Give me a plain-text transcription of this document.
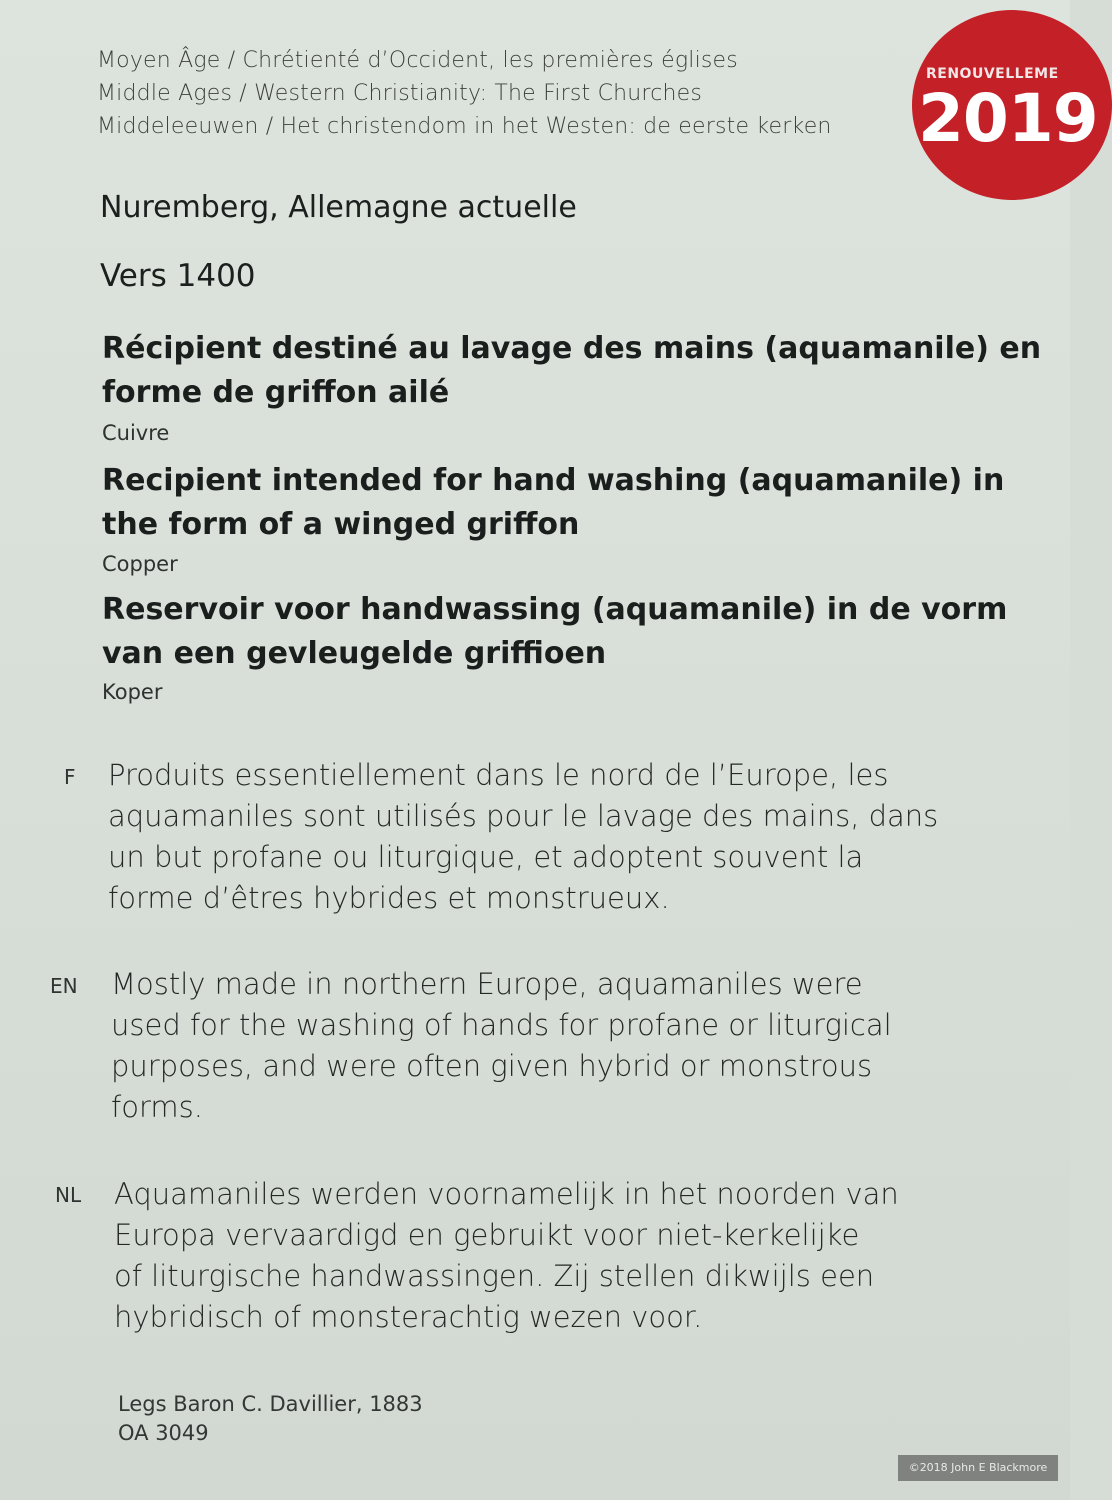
Moyen Âge / Chrétienté d’Occident, les premières églises
Middle Ages / Western Christianity: The First Churches
Middeleeuwen / Het christendom in het Westen: de eerste kerken
RENOUVELLEME
2019
Nuremberg, Allemagne actuelle
Vers 1400
Récipient destiné au lavage des mains (aquamanile) en
forme de griffon ailé
Cuivre
Recipient intended for hand washing (aquamanile) in
the form of a winged griffon
Copper
Reservoir voor handwassing (aquamanile) in de vorm
van een gevleugelde griffioen
Koper
F Produits essentiellement dans le nord de l’Europe, les
aquamaniles sont utilisés pour le lavage des mains, dans
un but profane ou liturgique, et adoptent souvent la
forme d’êtres hybrides et monstrueux.
EN Mostly made in northern Europe, aquamaniles were
used for the washing of hands for profane or liturgical
purposes, and were often given hybrid or monstrous
forms.
NL Aquamaniles werden voornamelijk in het noorden van
Europa vervaardigd en gebruikt voor niet-kerkelijke
of liturgische handwassingen. Zij stellen dikwijls een
hybridisch of monsterachtig wezen voor.
Legs Baron C. Davillier, 1883
OA 3049
©2018 John E Blackmore
